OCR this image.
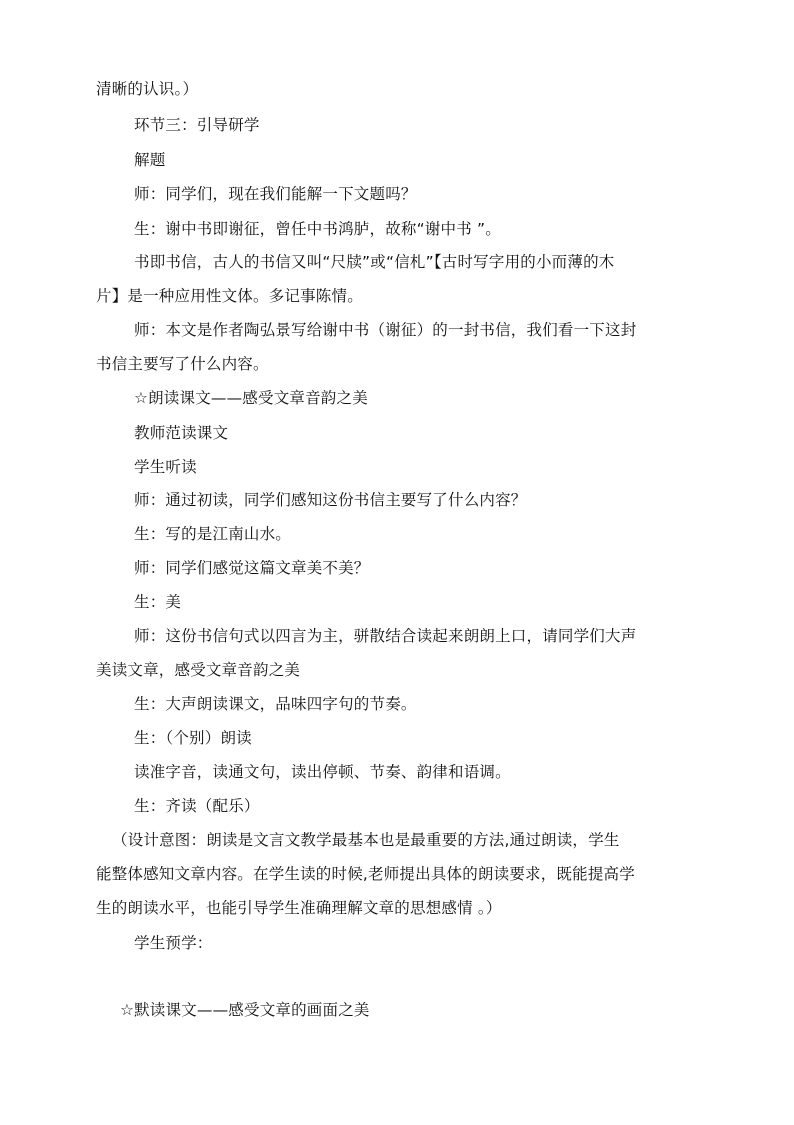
清晰的认识。）
环节三：引导研学
解题
师：同学们，现在我们能解一下文题吗？
生：谢中书即谢征，曾任中书鸿胪，故称“谢中书 ”。
书即书信，古人的书信又叫“尺牍”或“信札”【古时写字用的小而薄的木
片】是一种应用性文体。多记事陈情。
师：本文是作者陶弘景写给谢中书（谢征）的一封书信，我们看一下这封
书信主要写了什么内容。
☆朗读课文——感受文章音韵之美
教师范读课文
学生听读
师：通过初读，同学们感知这份书信主要写了什么内容？
生：写的是江南山水。
师：同学们感觉这篇文章美不美？
生：美
师：这份书信句式以四言为主，骈散结合读起来朗朗上口，请同学们大声
美读文章，感受文章音韵之美
生：大声朗读课文，品味四字句的节奏。
生：（个别）朗读
读准字音，读通文句，读出停顿、节奏、韵律和语调。
生：齐读（配乐）
（设计意图：朗读是文言文教学最基本也是最重要的方法,通过朗读，学生
能整体感知文章内容。在学生读的时候,老师提出具体的朗读要求，既能提高学
生的朗读水平，也能引导学生准确理解文章的思想感情 。）
学生预学：
☆默读课文——感受文章的画面之美
